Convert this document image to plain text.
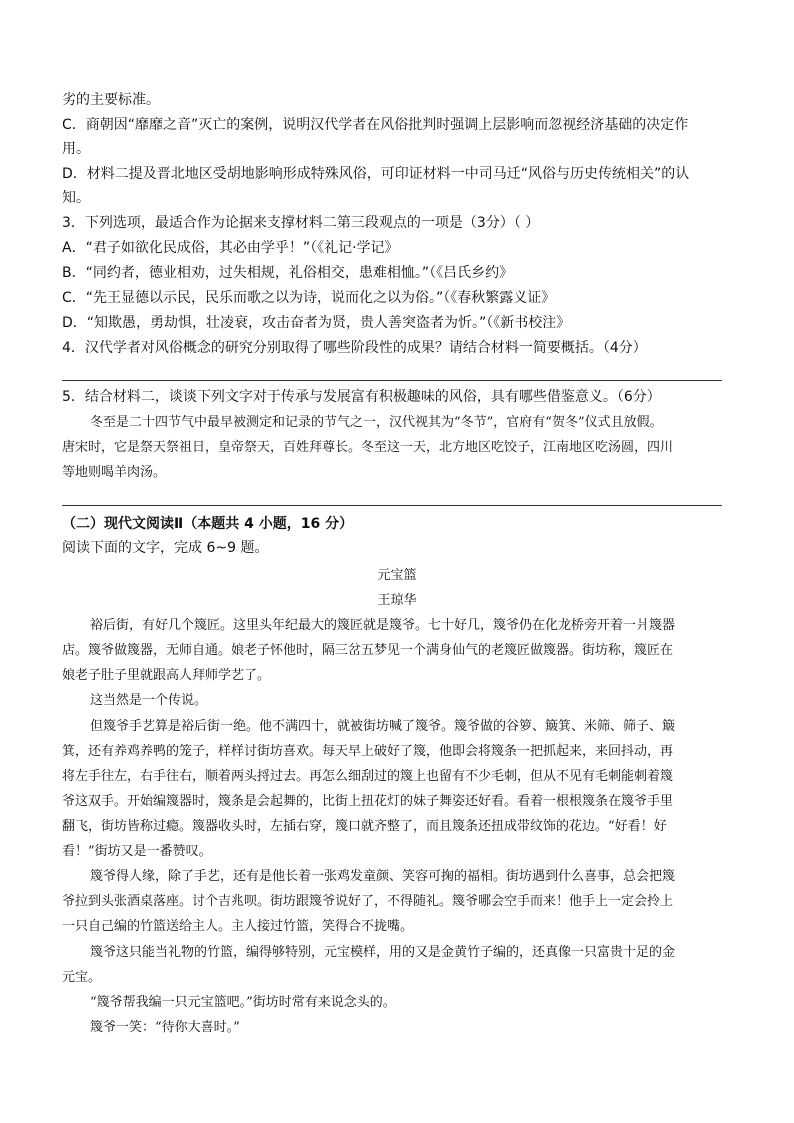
劣的主要标准。
C．商朝因“靡靡之音”灭亡的案例，说明汉代学者在风俗批判时强调上层影响而忽视经济基础的决定作
用。
D．材料二提及晋北地区受胡地影响形成特殊风俗，可印证材料一中司马迁“风俗与历史传统相关”的认
知。
3．下列选项，最适合作为论据来支撑材料二第三段观点的一项是（3分）（ ）
A．“君子如欲化民成俗，其必由学乎！”（《礼记·学记》
B．“同约者，德业相劝，过失相规，礼俗相交，患难相恤。”（《吕氏乡约》
C．“先王显德以示民，民乐而歌之以为诗，说而化之以为俗。”（《春秋繁露义证》
D．“知欺愚，勇劫惧，壮凌衰，攻击奋者为贤，贵人善突盗者为忻。”（《新书校注》
4．汉代学者对风俗概念的研究分别取得了哪些阶段性的成果？请结合材料一简要概括。（4分）
5．结合材料二，谈谈下列文字对于传承与发展富有积极趣味的风俗，具有哪些借鉴意义。（6分）
冬至是二十四节气中最早被测定和记录的节气之一，汉代视其为“冬节”，官府有“贺冬”仪式且放假。
唐宋时，它是祭天祭祖日，皇帝祭天，百姓拜尊长。冬至这一天，北方地区吃饺子，江南地区吃汤圆，四川
等地则喝羊肉汤。
（二）现代文阅读Ⅱ（本题共 4 小题，16 分）
阅读下面的文字，完成 6~9 题。
元宝篮
王琼华
裕后街，有好几个篾匠。这里头年纪最大的篾匠就是篾爷。七十好几，篾爷仍在化龙桥旁开着一爿篾器
店。篾爷做篾器，无师自通。娘老子怀他时，隔三岔五梦见一个满身仙气的老篾匠做篾器。街坊称，篾匠在
娘老子肚子里就跟高人拜师学艺了。
这当然是一个传说。
但篾爷手艺算是裕后街一绝。他不满四十，就被街坊喊了篾爷。篾爷做的谷箩、簸箕、米筛、筛子、簸
箕，还有养鸡养鸭的笼子，样样讨街坊喜欢。每天早上破好了篾，他即会将篾条一把抓起来，来回抖动，再
将左手往左，右手往右，顺着两头捋过去。再怎么细刮过的篾上也留有不少毛刺，但从不见有毛刺能刺着篾
爷这双手。开始编篾器时，篾条是会起舞的，比街上扭花灯的妹子舞姿还好看。看着一根根篾条在篾爷手里
翻飞，街坊皆称过瘾。篾器收头时，左插右穿，篾口就齐整了，而且篾条还扭成带纹饰的花边。“好看！好
看！”街坊又是一番赞叹。
篾爷得人缘，除了手艺，还有是他长着一张鸡发童颜、笑容可掬的福相。街坊遇到什么喜事，总会把篾
爷拉到头张酒桌落座。讨个吉兆呗。街坊跟篾爷说好了，不得随礼。篾爷哪会空手而来！他手上一定会拎上
一只自己编的竹篮送给主人。主人接过竹篮，笑得合不拢嘴。
篾爷这只能当礼物的竹篮，编得够特别，元宝模样，用的又是金黄竹子编的，还真像一只富贵十足的金
元宝。
“篾爷帮我编一只元宝篮吧。”街坊时常有来说念头的。
篾爷一笑：“待你大喜时。”
